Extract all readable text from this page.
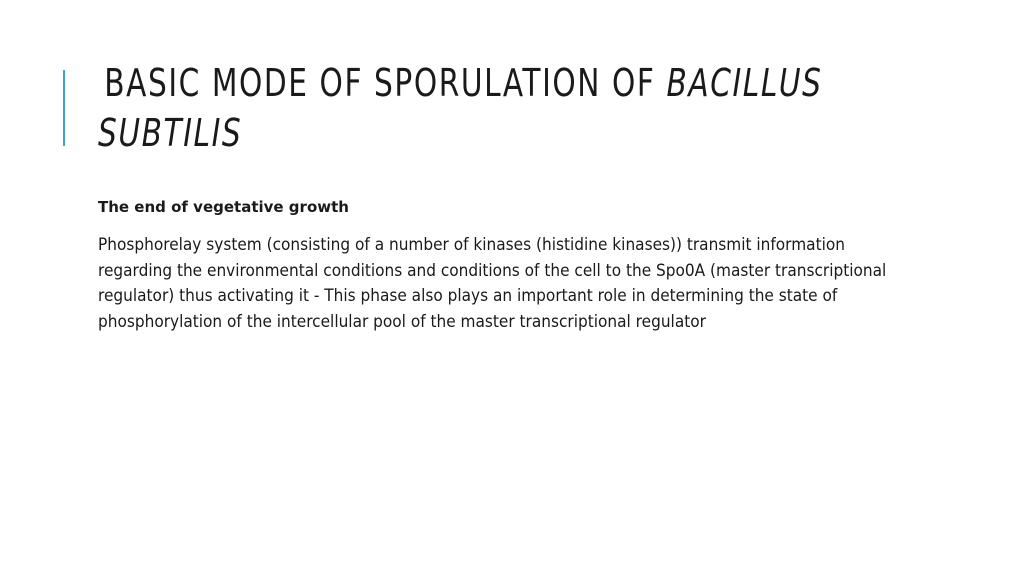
BASIC MODE OF SPORULATION OF BACILLUS
SUBTILIS

The end of vegetative growth

Phosphorelay system (consisting of a number of kinases (histidine kinases)) transmit information regarding the environmental conditions and conditions of the cell to the Spo0A (master transcriptional regulator) thus activating it - This phase also plays an important role in determining the state of phosphorylation of the intercellular pool of the master transcriptional regulator
